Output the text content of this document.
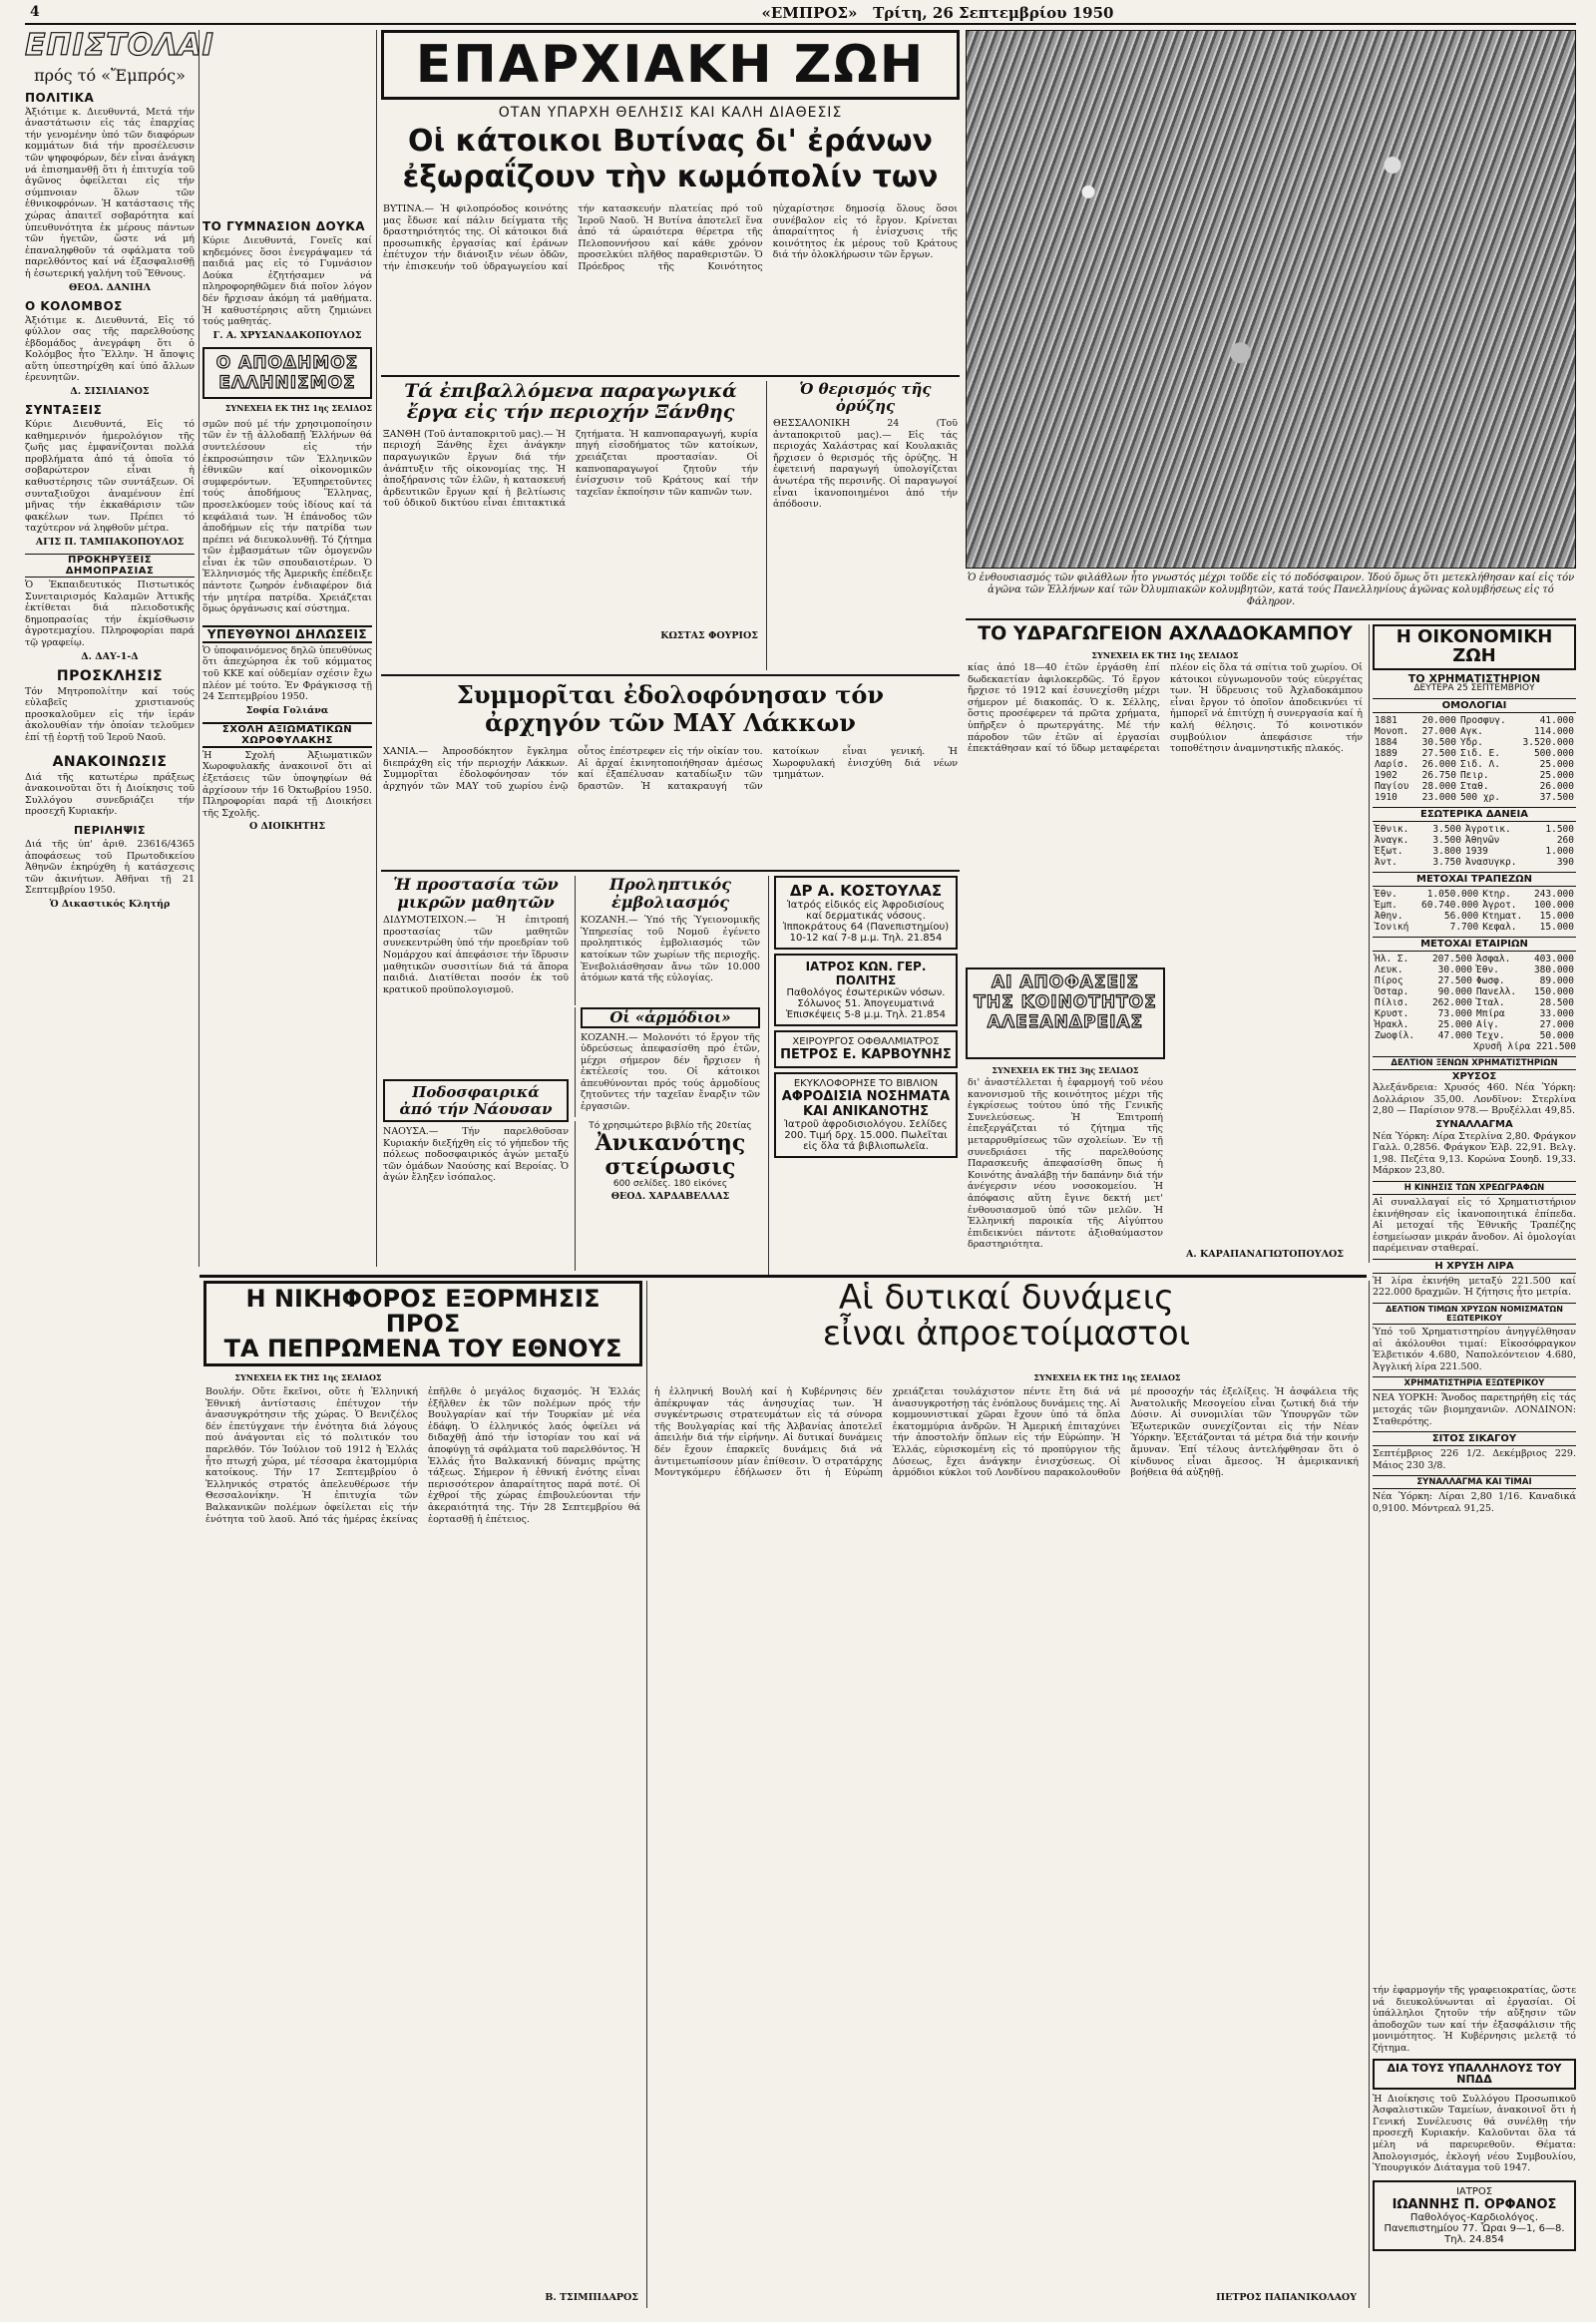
4	«ΕΜΠΡΟΣ» Τρίτη, 26 Σεπτεμβρίου 1950
ΕΠΙΣΤΟΛΑΙ
πρός τό «Ἔμπρός»
ΠΟΛΙΤΙΚΑ
Ἀξιότιμε κ. Διευθυντά, Μετά τήν ἀναστάτωσιν εἰς τάς ἐπαρχίας τήν γενομένην ὑπό τῶν διαφόρων κομμάτων διά τήν προσέλευσιν τῶν ψηφοφόρων, δέν εἶναι ἀνάγκη νά ἐπισημανθῇ ὅτι ἡ ἐπιτυχία τοῦ ἀγῶνος ὀφείλεται εἰς τήν σύμπνοιαν ὅλων τῶν ἐθνικοφρόνων. Ἡ κατάστασις τῆς χώρας ἀπαιτεῖ σοβαρότητα καί ὑπευθυνότητα ἐκ μέρους πάντων τῶν ἡγετῶν, ὥστε νά μή ἐπαναληφθοῦν τά σφάλματα τοῦ παρελθόντος καί νά ἐξασφαλισθῇ ἡ ἐσωτερική γαλήνη τοῦ Ἔθνους.
ΘΕΟΔ. ΔΑΝΙΗΛ
Ο ΚΟΛΟΜΒΟΣ
Ἀξιότιμε κ. Διευθυντά, Εἰς τό φύλλον σας τῆς παρελθούσης ἑβδομάδος ἀνεγράφη ὅτι ὁ Κολόμβος ἦτο Ἕλλην. Ἡ ἄποψις αὕτη ὑπεστηρίχθη καί ὑπό ἄλλων ἐρευνητῶν.
Δ. ΣΙΣΙΛΙΑΝΟΣ
ΣΥΝΤΑΞΕΙΣ
Κύριε Διευθυντά, Εἰς τό καθημερινόν ἡμερολόγιον τῆς ζωῆς μας ἐμφανίζονται πολλά προβλήματα ἀπό τά ὁποῖα τό σοβαρώτερον εἶναι ἡ καθυστέρησις τῶν συντάξεων. Οἱ συνταξιοῦχοι ἀναμένουν ἐπί μῆνας τήν ἐκκαθάρισιν τῶν φακέλων των. Πρέπει τό ταχύτερον νά ληφθοῦν μέτρα.
ΑΓΙΣ Π. ΤΑΜΠΑΚΟΠΟΥΛΟΣ
ΠΡΟΚΗΡΥΞΕΙΣ ΔΗΜΟΠΡΑΣΙΑΣ
Ὁ Ἐκπαιδευτικός Πιστωτικός Συνεταιρισμός Καλαμῶν Ἀττικῆς ἐκτίθεται διά πλειοδοτικῆς δημοπρασίας τήν ἐκμίσθωσιν ἀγροτεμαχίου. Πληροφορίαι παρά τῷ γραφείῳ.
Δ. ΔΑΥ-1-Δ
ΠΡΟΣΚΛΗΣΙΣ
Τόν Μητροπολίτην καί τούς εὐλαβεῖς χριστιανούς προσκαλοῦμεν εἰς τήν ἱεράν ἀκολουθίαν τήν ὁποίαν τελοῦμεν ἐπί τῇ ἑορτῇ τοῦ Ἱεροῦ Ναοῦ.
ΑΝΑΚΟΙΝΩΣΙΣ
Διά τῆς κατωτέρω πράξεως ἀνακοινοῦται ὅτι ἡ Διοίκησις τοῦ Συλλόγου συνεδριάζει τήν προσεχῆ Κυριακήν.
ΠΕΡΙΛΗΨΙΣ
Διά τῆς ὑπ' ἀριθ. 23616/4365 ἀποφάσεως τοῦ Πρωτοδικείου Ἀθηνῶν ἐκηρύχθη ἡ κατάσχεσις τῶν ἀκινήτων. Ἀθῆναι τῇ 21 Σεπτεμβρίου 1950.
Ὁ Δικαστικός Κλητήρ
ΤΟ ΓΥΜΝΑΣΙΟΝ ΔΟΥΚΑ
Κύριε Διευθυντά, Γονεῖς καί κηδεμόνες ὅσοι ἐνεγράψαμεν τά παιδιά μας εἰς τό Γυμνάσιον Δούκα ἐζητήσαμεν νά πληροφορηθῶμεν διά ποῖον λόγον δέν ἤρχισαν ἀκόμη τά μαθήματα. Ἡ καθυστέρησις αὕτη ζημιώνει τούς μαθητάς.
Γ. Α. ΧΡΥΣΑΝΔΑΚΟΠΟΥΛΟΣ
Ο ΑΠΟΔΗΜΟΣ
ΕΛΛΗΝΙΣΜΟΣ
ΣΥΝΕΧΕΙΑ ΕΚ ΤΗΣ 1ης ΣΕΛΙΔΟΣ
σμῶν πού μέ τήν χρησιμοποίησιν τῶν ἐν τῇ ἀλλοδαπῇ Ἑλλήνων θά συντελέσουν εἰς τήν ἐκπροσώπησιν τῶν Ἑλληνικῶν ἐθνικῶν καί οἰκονομικῶν συμφερόντων. Ἐξυπηρετοῦντες τούς ἀποδήμους Ἕλληνας, προσελκύομεν τούς ἰδίους καί τά κεφάλαιά των. Ἡ ἐπάνοδος τῶν ἀποδήμων εἰς τήν πατρίδα των πρέπει νά διευκολυνθῇ. Τό ζήτημα τῶν ἐμβασμάτων τῶν ὁμογενῶν εἶναι ἐκ τῶν σπουδαιοτέρων. Ὁ Ἑλληνισμός τῆς Ἀμερικῆς ἐπέδειξε πάντοτε ζωηρόν ἐνδιαφέρον διά τήν μητέρα πατρίδα. Χρειάζεται ὅμως ὀργάνωσις καί σύστημα.
ΥΠΕΥΘΥΝΟΙ ΔΗΛΩΣΕΙΣ
Ὁ ὑποφαινόμενος δηλῶ ὑπευθύνως ὅτι ἀπεχώρησα ἐκ τοῦ κόμματος τοῦ ΚΚΕ καί οὐδεμίαν σχέσιν ἔχω πλέον μέ τούτο. Ἐν Φράγκισσᾳ τῇ 24 Σεπτεμβρίου 1950.
Σοφία Γολιάνα
ΣΧΟΛΗ ΑΞΙΩΜΑΤΙΚΩΝ ΧΩΡΟΦΥΛΑΚΗΣ
Ἡ Σχολή Ἀξιωματικῶν Χωροφυλακῆς ἀνακοινοῖ ὅτι αἱ ἐξετάσεις τῶν ὑποψηφίων θά ἀρχίσουν τήν 16 Ὀκτωβρίου 1950. Πληροφορίαι παρά τῇ Διοικήσει τῆς Σχολῆς.
Ο ΔΙΟΙΚΗΤΗΣ
ΕΠΑΡΧΙΑΚΗ ΖΩΗ
ΟΤΑΝ ΥΠΑΡΧΗ ΘΕΛΗΣΙΣ ΚΑΙ ΚΑΛΗ ΔΙΑΘΕΣΙΣ
Οἱ κάτοικοι Βυτίνας δι' ἐράνων
ἐξωραΐζουν τὴν κωμόπολίν των
ΒΥΤΙΝΑ.— Ἡ φιλοπρόοδος κοινότης μας ἔδωσε καί πάλιν δείγματα τῆς δραστηριότητός της. Οἱ κάτοικοι διά προσωπικῆς ἐργασίας καί ἐράνων ἐπέτυχον τήν διάνοιξιν νέων ὁδῶν, τήν ἐπισκευήν τοῦ ὑδραγωγείου καί τήν κατασκευήν πλατείας πρό τοῦ Ἱεροῦ Ναοῦ. Ἡ Βυτίνα ἀποτελεῖ ἕνα ἀπό τά ὡραιότερα θέρετρα τῆς Πελοποννήσου καί κάθε χρόνον προσελκύει πλῆθος παραθεριστῶν. Ὁ Πρόεδρος τῆς Κοινότητος ηὐχαρίστησε δημοσίᾳ ὅλους ὅσοι συνέβαλον εἰς τό ἔργον. Κρίνεται ἀπαραίτητος ἡ ἐνίσχυσις τῆς κοινότητος ἐκ μέρους τοῦ Κράτους διά τήν ὁλοκλήρωσιν τῶν ἔργων.
Τά ἐπιβαλλόμενα παραγωγικά
ἔργα εἰς τήν περιοχήν Ξάνθης
ΞΑΝΘΗ (Τοῦ ἀνταποκριτοῦ μας).— Ἡ περιοχή Ξάνθης ἔχει ἀνάγκην παραγωγικῶν ἔργων διά τήν ἀνάπτυξιν τῆς οἰκονομίας της. Ἡ ἀποξήρανσις τῶν ἑλῶν, ἡ κατασκευή ἀρδευτικῶν ἔργων καί ἡ βελτίωσις τοῦ ὁδικοῦ δικτύου εἶναι ἐπιτακτικά ζητήματα. Ἡ καπνοπαραγωγή, κυρία πηγή εἰσοδήματος τῶν κατοίκων, χρειάζεται προστασίαν. Οἱ καπνοπαραγωγοί ζητοῦν τήν ἐνίσχυσιν τοῦ Κράτους καί τήν ταχεῖαν ἐκποίησιν τῶν καπνῶν των.
ΚΩΣΤΑΣ ΦΟΥΡΙΟΣ
Ὁ θερισμός τῆς ὀρύζης
ΘΕΣΣΑΛΟΝΙΚΗ 24 (Τοῦ ἀνταποκριτοῦ μας).— Εἰς τάς περιοχάς Χαλάστρας καί Κουλακιᾶς ἤρχισεν ὁ θερισμός τῆς ὀρύζης. Ἡ ἐφετεινή παραγωγή ὑπολογίζεται ἀνωτέρα τῆς περσινῆς. Οἱ παραγωγοί εἶναι ἱκανοποιημένοι ἀπό τήν ἀπόδοσιν.
Συμμορῖται ἐδολοφόνησαν τόν
ἀρχηγόν τῶν ΜΑΥ Λάκκων
ΧΑΝΙΑ.— Ἀπροσδόκητον ἔγκλημα διεπράχθη εἰς τήν περιοχήν Λάκκων. Συμμορῖται ἐδολοφόνησαν τόν ἀρχηγόν τῶν ΜΑΥ τοῦ χωρίου ἐνῷ οὗτος ἐπέστρεφεν εἰς τήν οἰκίαν του. Αἱ ἀρχαί ἐκινητοποιήθησαν ἀμέσως καί ἐξαπέλυσαν καταδίωξιν τῶν δραστῶν. Ἡ κατακραυγή τῶν κατοίκων εἶναι γενική. Ἡ Χωροφυλακή ἐνισχύθη διά νέων τμημάτων.
Ἡ προστασία τῶν
μικρῶν μαθητῶν
ΔΙΔΥΜΟΤΕΙΧΟΝ.— Ἡ ἐπιτροπή προστασίας τῶν μαθητῶν συνεκεντρώθη ὑπό τήν προεδρίαν τοῦ Νομάρχου καί ἀπεφάσισε τήν ἵδρυσιν μαθητικῶν συσσιτίων διά τά ἄπορα παιδιά. Διατίθεται ποσόν ἐκ τοῦ κρατικοῦ προϋπολογισμοῦ.
Προληπτικός
ἐμβολιασμός
ΚΟΖΑΝΗ.— Ὑπό τῆς Ὑγειονομικῆς Ὑπηρεσίας τοῦ Νομοῦ ἐγένετο προληπτικός ἐμβολιασμός τῶν κατοίκων τῶν χωρίων τῆς περιοχῆς. Ἐνεβολιάσθησαν ἄνω τῶν 10.000 ἀτόμων κατά τῆς εὐλογίας.
Οἱ «ἁρμόδιοι»
ΚΟΖΑΝΗ.— Μολονότι τό ἔργον τῆς ὑδρεύσεως ἀπεφασίσθη πρό ἐτῶν, μέχρι σήμερον δέν ἤρχισεν ἡ ἐκτέλεσίς του. Οἱ κάτοικοι ἀπευθύνονται πρός τούς ἁρμοδίους ζητοῦντες τήν ταχεῖαν ἔναρξιν τῶν ἐργασιῶν.
ΔΡ Α. ΚΟΣΤΟΥΛΑΣ
Ἰατρός εἰδικός εἰς Ἀφροδισίους καί δερματικάς νόσους. Ἰπποκράτους 64 (Πανεπιστημίου) 10-12 καί 7-8 μ.μ. Τηλ. 21.854
ΙΑΤΡΟΣ ΚΩΝ. ΓΕΡ. ΠΟΛΙΤΗΣ
Παθολόγος ἐσωτερικῶν νόσων. Σόλωνος 51. Ἀπογευματινά Ἐπισκέψεις 5-8 μ.μ. Τηλ. 21.854
ΧΕΙΡΟΥΡΓΟΣ ΟΦΘΑΛΜΙΑΤΡΟΣ
ΠΕΤΡΟΣ Ε. ΚΑΡΒΟΥΝΗΣ
ΕΚΥΚΛΟΦΟΡΗΣΕ ΤΟ ΒΙΒΛΙΟΝ
ΑΦΡΟΔΙΣΙΑ ΝΟΣΗΜΑΤΑ ΚΑΙ ΑΝΙΚΑΝΟΤΗΣ
Ἰατροῦ ἀφροδισιολόγου. Σελίδες 200. Τιμή δρχ. 15.000. Πωλεῖται εἰς ὅλα τά βιβλιοπωλεῖα.
Ποδοσφαιρικά
ἀπό τήν Νάουσαν
ΝΑΟΥΣΑ.— Τήν παρελθοῦσαν Κυριακήν διεξήχθη εἰς τό γήπεδον τῆς πόλεως ποδοσφαιρικός ἀγών μεταξύ τῶν ὁμάδων Ναούσης καί Βεροίας. Ὁ ἀγών ἔληξεν ἰσόπαλος.
Τό χρησιμώτερο βιβλίο τῆς 20ετίας
Ἀνικανότης
στείρωσις
600 σελίδες. 180 εἰκόνες
ΘΕΟΔ. ΧΑΡΔΑΒΕΛΛΑΣ
Ὁ ἐνθουσιασμός τῶν φιλάθλων ἦτο γνωστός μέχρι τοῦδε εἰς τό ποδόσφαιρον. Ἰδού ὅμως ὅτι μετεκλήθησαν καί εἰς τόν ἀγῶνα τῶν Ἑλλήνων καί τῶν Ὀλυμπιακῶν κολυμβητῶν, κατά τούς Πανελληνίους ἀγῶνας κολυμβήσεως εἰς τό Φάληρον.
ΤΟ ΥΔΡΑΓΩΓΕΙΟΝ ΑΧΛΑΔΟΚΑΜΠΟΥ
ΣΥΝΕΧΕΙΑ ΕΚ ΤΗΣ 1ης ΣΕΛΙΔΟΣ
κίας ἀπό 18—40 ἐτῶν ἐργάσθη ἐπί δωδεκαετίαν ἀφιλοκερδῶς. Τό ἔργον ἤρχισε τό 1912 καί ἐσυνεχίσθη μέχρι σήμερον μέ διακοπάς. Ὁ κ. Σέλλης, ὅστις προσέφερεν τά πρῶτα χρήματα, ὑπῆρξεν ὁ πρωτεργάτης. Μέ τήν πάροδον τῶν ἐτῶν αἱ ἐργασίαι ἐπεκτάθησαν καί τό ὕδωρ μεταφέρεται πλέον εἰς ὅλα τά σπίτια τοῦ χωρίου. Οἱ κάτοικοι εὐγνωμονοῦν τούς εὐεργέτας των. Ἡ ὕδρευσις τοῦ Ἀχλαδοκάμπου εἶναι ἔργον τό ὁποῖον ἀποδεικνύει τί ἠμπορεῖ νά ἐπιτύχῃ ἡ συνεργασία καί ἡ καλή θέλησις. Τό κοινοτικόν συμβούλιον ἀπεφάσισε τήν τοποθέτησιν ἀναμνηστικῆς πλακός.
Α. ΚΑΡΑΠΑΝΑΓΙΩΤΟΠΟΥΛΟΣ
ΑΙ ΑΠΟΦΑΣΕΙΣ
ΤΗΣ ΚΟΙΝΟΤΗΤΟΣ
ΑΛΕΞΑΝΔΡΕΙΑΣ
ΣΥΝΕΧΕΙΑ ΕΚ ΤΗΣ 3ης ΣΕΛΙΔΟΣ
δι' ἀναστέλλεται ἡ ἐφαρμογή τοῦ νέου κανονισμοῦ τῆς κοινότητος μέχρι τῆς ἐγκρίσεως τούτου ὑπό τῆς Γενικῆς Συνελεύσεως. Ἡ Ἐπιτροπή ἐπεξεργάζεται τό ζήτημα τῆς μεταρρυθμίσεως τῶν σχολείων. Ἐν τῇ συνεδριάσει τῆς παρελθούσης Παρασκευῆς ἀπεφασίσθη ὅπως ἡ Κοινότης ἀναλάβῃ τήν δαπάνην διά τήν ἀνέγερσιν νέου νοσοκομείου. Ἡ ἀπόφασις αὕτη ἔγινε δεκτή μετ' ἐνθουσιασμοῦ ὑπό τῶν μελῶν. Ἡ Ἑλληνική παροικία τῆς Αἰγύπτου ἐπιδεικνύει πάντοτε ἀξιοθαύμαστον δραστηριότητα.
Η ΟΙΚΟΝΟΜΙΚΗ ΖΩΗ
ΤΟ ΧΡΗΜΑΤΙΣΤΗΡΙΟΝ
ΔΕΥΤΕΡΑ 25 ΣΕΠΤΕΜΒΡΙΟΥ
ΟΜΟΛΟΓΙΑΙ
1881	20.000	Προσφυγ.	41.000
Μονοπ.	27.000	Αγκ.	114.000
1884	30.500	Υδρ.	3.520.000
1889	27.500	Σιδ. Ε.	500.000
Λαρίσ.	26.000	Σιδ. Λ.	25.000
1902	26.750	Πειρ.	25.000
Παγίου	28.000	Σταθ.	26.000
1910	23.000	500 χρ.	37.500
ΕΣΩΤΕΡΙΚΑ ΔΑΝΕΙΑ
Ἐθνικ.	3.500	Ἀγροτικ.	1.500
Ἀναγκ.	3.500	Ἀθηνῶν	260
Ἐξωτ.	3.800	1939	1.000
Ἀντ.	3.750	Ἀνασυγκρ.	390
ΜΕΤΟΧΑΙ ΤΡΑΠΕΖΩΝ
Ἐθν.	1.050.000	Κτηρ.	243.000
Ἐμπ.	60.740.000	Ἀγροτ.	100.000
Ἀθην.	56.000	Κτηματ.	15.000
Ἰονική	7.700	Κεφαλ.	15.000
ΜΕΤΟΧΑΙ ΕΤΑΙΡΙΩΝ
Ἠλ. Σ.	207.500	Ἀσφαλ.	403.000
Λευκ.	30.000	Ἐθν.	380.000
Πίρος	27.500	Φωσφ.	89.000
Ὁσταρ.	90.000	Πανελλ.	150.000
Πίλισ.	262.000	Ἰταλ.	28.500
Κρυστ.	73.000	Μπίρα	33.000
Ἡρακλ.	25.000	Αἰγ.	27.000
Ζωοφίλ.	47.000	Τεχν.	50.000
Χρυσῆ λίρα 221.500
ΔΕΛΤΙΟΝ ΞΕΝΩΝ ΧΡΗΜΑΤΙΣΤΗΡΙΩΝ
ΧΡΥΣΟΣ
Ἀλεξάνδρεια: Χρυσός 460. Νέα Ὑόρκη: Δολλάριον 35,00. Λονδῖνον: Στερλίνα 2,80 — Παρίσιον 978.— Βρυξέλλαι 49,85.
ΣΥΝΑΛΛΑΓΜΑ
Νέα Ὑόρκη: Λίρα Στερλίνα 2,80. Φράγκον Γαλλ. 0,2856. Φράγκον Ἑλβ. 22,91. Βελγ. 1,98. Πεζέτα 9,13. Κορώνα Σουηδ. 19,33. Μάρκον 23,80.
Η ΚΙΝΗΣΙΣ ΤΩΝ ΧΡΕΩΓΡΑΦΩΝ
Αἱ συναλλαγαί εἰς τό Χρηματιστήριον ἐκινήθησαν εἰς ἱκανοποιητικά ἐπίπεδα. Αἱ μετοχαί τῆς Ἐθνικῆς Τραπέζης ἐσημείωσαν μικράν ἄνοδον. Αἱ ὁμολογίαι παρέμειναν σταθεραί.
Η ΧΡΥΣΗ ΛΙΡΑ
Ἡ λίρα ἐκινήθη μεταξύ 221.500 καί 222.000 δραχμῶν. Ἡ ζήτησις ἦτο μετρία.
ΔΕΛΤΙΟΝ ΤΙΜΩΝ ΧΡΥΣΩΝ ΝΟΜΙΣΜΑΤΩΝ ΕΞΩΤΕΡΙΚΟΥ
Ὑπό τοῦ Χρηματιστηρίου ἀνηγγέλθησαν αἱ ἀκόλουθοι τιμαί: Εἰκοσόφραγκον Ἑλβετικόν 4.680, Ναπολεόντειον 4.680, Ἀγγλική λίρα 221.500.
ΧΡΗΜΑΤΙΣΤΗΡΙΑ ΕΞΩΤΕΡΙΚΟΥ
ΝΕΑ ΥΟΡΚΗ: Ἄνοδος παρετηρήθη εἰς τάς μετοχάς τῶν βιομηχανιῶν. ΛΟΝΔΙΝΟΝ: Σταθερότης.
ΣΙΤΟΣ ΣΙΚΑΓΟΥ
Σεπτέμβριος 226 1/2. Δεκέμβριος 229. Μάιος 230 3/8.
ΣΥΝΑΛΛΑΓΜΑ ΚΑΙ ΤΙΜΑΙ
Νέα Ὑόρκη: Λίραι 2,80 1/16. Καναδικά 0,9100. Μόντρεαλ 91,25.
Η ΝΙΚΗΦΟΡΟΣ ΕΞΟΡΜΗΣΙΣ ΠΡΟΣ
ΤΑ ΠΕΠΡΩΜΕΝΑ ΤΟΥ ΕΘΝΟΥΣ
ΣΥΝΕΧΕΙΑ ΕΚ ΤΗΣ 1ης ΣΕΛΙΔΟΣ
Βουλήν. Οὔτε ἔκεῖνοι, οὔτε ἡ Ἑλληνική Ἐθνική ἀντίστασις ἐπέτυχον τήν ἀνασυγκρότησιν τῆς χώρας. Ὁ Βενιζέλος δέν ἐπετύγχανε τήν ἑνότητα διά λόγους πού ἀνάγονται εἰς τό πολιτικόν του παρελθόν. Τόν Ἰούλιον τοῦ 1912 ἡ Ἑλλάς ἦτο πτωχή χώρα, μέ τέσσαρα ἑκατομμύρια κατοίκους. Τήν 17 Σεπτεμβρίου ὁ Ἑλληνικός στρατός ἀπελευθέρωσε τήν Θεσσαλονίκην. Ἡ ἐπιτυχία τῶν Βαλκανικῶν πολέμων ὀφείλεται εἰς τήν ἑνότητα τοῦ λαοῦ. Ἀπό τάς ἡμέρας ἐκείνας ἐπῆλθε ὁ μεγάλος διχασμός. Ἡ Ἑλλάς ἐξῆλθεν ἐκ τῶν πολέμων πρός τήν Βουλγαρίαν καί τήν Τουρκίαν μέ νέα ἐδάφη. Ὁ ἑλληνικός λαός ὀφείλει νά διδαχθῇ ἀπό τήν ἱστορίαν του καί νά ἀποφύγῃ τά σφάλματα τοῦ παρελθόντος. Ἡ Ἑλλάς ἦτο Βαλκανική δύναμις πρώτης τάξεως. Σήμερον ἡ ἐθνική ἑνότης εἶναι περισσότερον ἀπαραίτητος παρά ποτέ. Οἱ ἐχθροί τῆς χώρας ἐπιβουλεύονται τήν ἀκεραιότητά της. Τήν 28 Σεπτεμβρίου θά ἑορτασθῇ ἡ ἐπέτειος.
Β. ΤΣΙΜΠΙΔΑΡΟΣ
Αἱ δυτικαί δυνάμεις
εἶναι ἀπροετοίμαστοι
ΣΥΝΕΧΕΙΑ ΕΚ ΤΗΣ 1ης ΣΕΛΙΔΟΣ
ἡ ἑλληνική Βουλή καί ἡ Κυβέρνησις δέν ἀπέκρυψαν τάς ἀνησυχίας των. Ἡ συγκέντρωσις στρατευμάτων εἰς τά σύνορα τῆς Βουλγαρίας καί τῆς Ἀλβανίας ἀποτελεῖ ἀπειλήν διά τήν εἰρήνην. Αἱ δυτικαί δυνάμεις δέν ἔχουν ἐπαρκεῖς δυνάμεις διά νά ἀντιμετωπίσουν μίαν ἐπίθεσιν. Ὁ στρατάρχης Μοντγκόμερυ ἐδήλωσεν ὅτι ἡ Εὐρώπη χρειάζεται τουλάχιστον πέντε ἔτη διά νά ἀνασυγκροτήσῃ τάς ἐνόπλους δυνάμεις της. Αἱ κομμουνιστικαί χῶραι ἔχουν ὑπό τά ὅπλα ἑκατομμύρια ἀνδρῶν. Ἡ Ἀμερική ἐπιταχύνει τήν ἀποστολήν ὅπλων εἰς τήν Εὐρώπην. Ἡ Ἑλλάς, εὑρισκομένη εἰς τό προπύργιον τῆς Δύσεως, ἔχει ἀνάγκην ἐνισχύσεως. Οἱ ἁρμόδιοι κύκλοι τοῦ Λονδίνου παρακολουθοῦν μέ προσοχήν τάς ἐξελίξεις. Ἡ ἀσφάλεια τῆς Ἀνατολικῆς Μεσογείου εἶναι ζωτική διά τήν Δύσιν. Αἱ συνομιλίαι τῶν Ὑπουργῶν τῶν Ἐξωτερικῶν συνεχίζονται εἰς τήν Νέαν Ὑόρκην. Ἐξετάζονται τά μέτρα διά τήν κοινήν ἄμυναν. Ἐπί τέλους ἀντελήφθησαν ὅτι ὁ κίνδυνος εἶναι ἄμεσος. Ἡ ἀμερικανική βοήθεια θά αὐξηθῇ.
ΠΕΤΡΟΣ ΠΑΠΑΝΙΚΟΛΑΟΥ
τήν ἐφαρμογήν τῆς γραφειοκρατίας, ὥστε νά διευκολύνωνται αἱ ἐργασίαι. Οἱ ὑπάλληλοι ζητοῦν τήν αὔξησιν τῶν ἀποδοχῶν των καί τήν ἐξασφάλισιν τῆς μονιμότητος. Ἡ Κυβέρνησις μελετᾷ τό ζήτημα.
ΔΙΑ ΤΟΥΣ ΥΠΑΛΛΗΛΟΥΣ ΤΟΥ ΝΠΔΔ
Ἡ Διοίκησις τοῦ Συλλόγου Προσωπικοῦ Ἀσφαλιστικῶν Ταμείων, ἀνακοινοῖ ὅτι ἡ Γενική Συνέλευσις θά συνέλθῃ τήν προσεχῆ Κυριακήν. Καλοῦνται ὅλα τά μέλη νά παρευρεθοῦν. Θέματα: Ἀπολογισμός, ἐκλογή νέου Συμβουλίου, Ὑπουργικόν Διάταγμα τοῦ 1947.
ΙΑΤΡΟΣ
ΙΩΑΝΝΗΣ Π. ΟΡΦΑΝΟΣ
Παθολόγος-Καρδιολόγος. Πανεπιστημίου 77. Ὧραι 9—1, 6—8. Τηλ. 24.854
